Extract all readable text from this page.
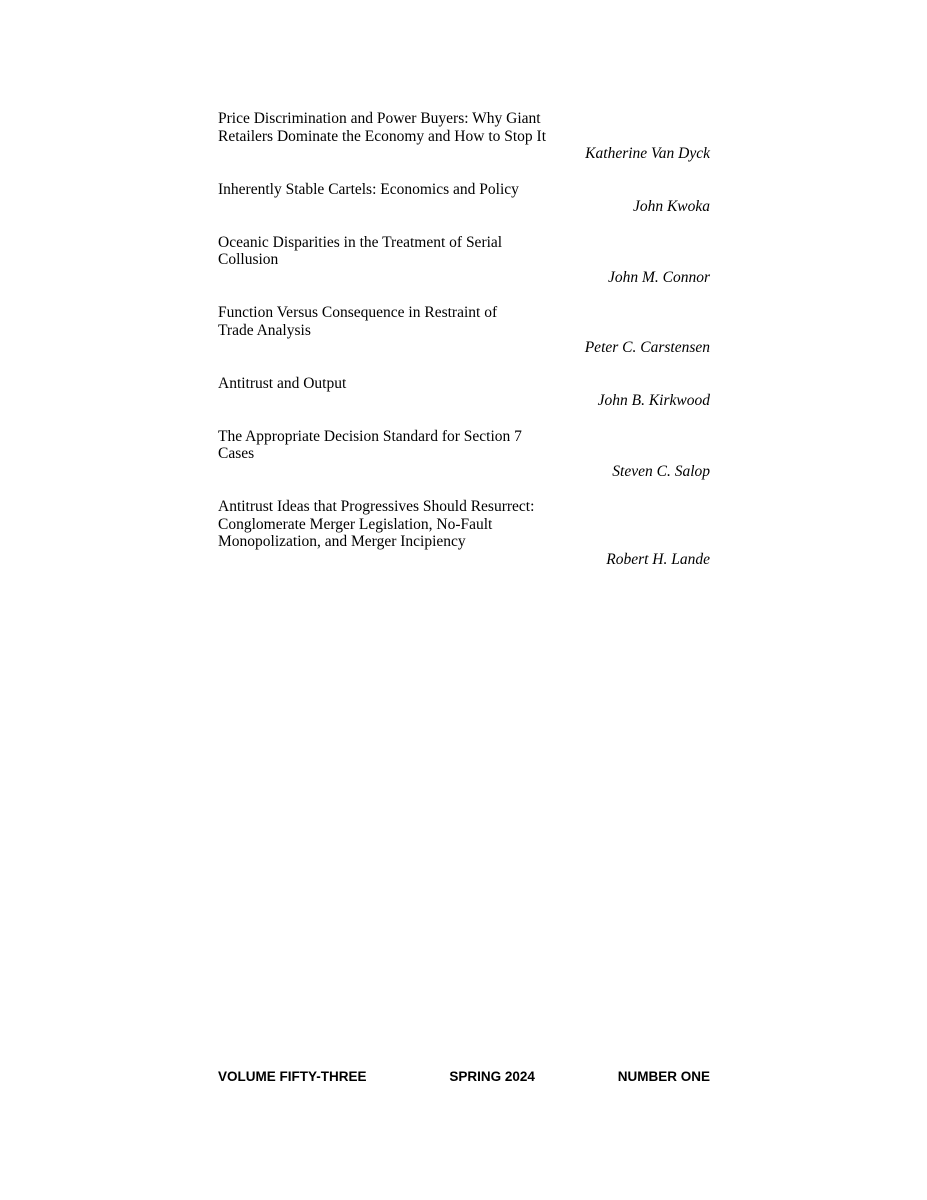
Price Discrimination and Power Buyers: Why Giant
Retailers Dominate the Economy and How to Stop It
Katherine Van Dyck
Inherently Stable Cartels: Economics and Policy
John Kwoka
Oceanic Disparities in the Treatment of Serial
Collusion
John M. Connor
Function Versus Consequence in Restraint of
Trade Analysis
Peter C. Carstensen
Antitrust and Output
John B. Kirkwood
The Appropriate Decision Standard for Section 7
Cases
Steven C. Salop
Antitrust Ideas that Progressives Should Resurrect:
Conglomerate Merger Legislation, No-Fault
Monopolization, and Merger Incipiency
Robert H. Lande
VOLUME FIFTY-THREE	SPRING 2024	NUMBER ONE
